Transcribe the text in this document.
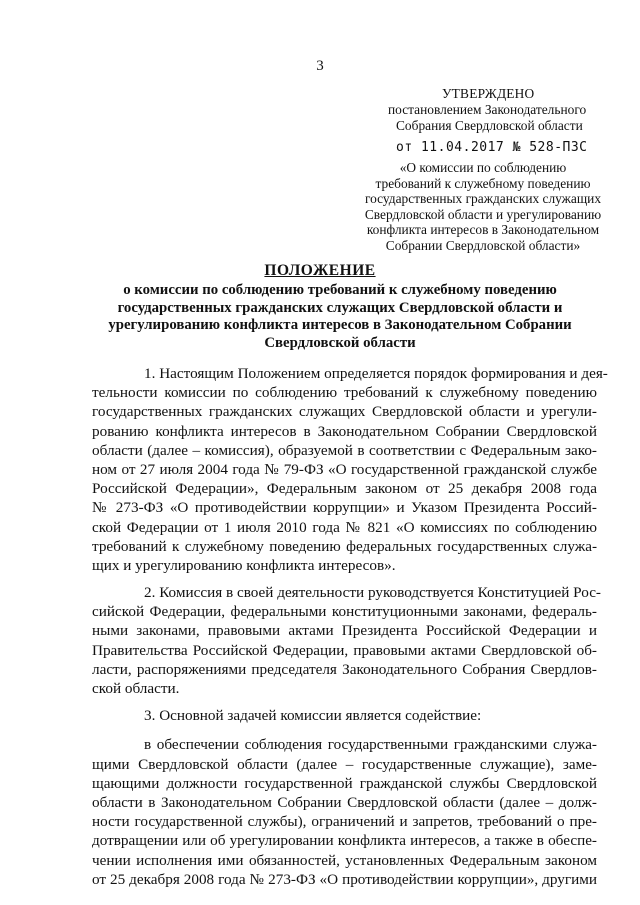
3
УТВЕРЖДЕНО
постановлением Законодательного
Собрания Свердловской области
от 11.04.2017 № 528-ПЗС
«О комиссии по соблюдению
требований к служебному поведению
государственных гражданских служащих
Свердловской области и урегулированию
конфликта интересов в Законодательном
Собрании Свердловской области»
ПОЛОЖЕНИЕ
о комиссии по соблюдению требований к служебному поведению
государственных гражданских служащих Свердловской области и
урегулированию конфликта интересов в Законодательном Собрании
Свердловской области
1. Настоящим Положением определяется порядок формирования и дея-
тельности комиссии по соблюдению требований к служебному поведению
государственных гражданских служащих Свердловской области и урегули-
рованию конфликта интересов в Законодательном Собрании Свердловской
области (далее – комиссия), образуемой в соответствии с Федеральным зако-
ном от 27 июля 2004 года № 79-ФЗ «О государственной гражданской службе
Российской Федерации», Федеральным законом от 25 декабря 2008 года
№ 273-ФЗ «О противодействии коррупции» и Указом Президента Россий-
ской Федерации от 1 июля 2010 года № 821 «О комиссиях по соблюдению
требований к служебному поведению федеральных государственных служа-
щих и урегулированию конфликта интересов».
2. Комиссия в своей деятельности руководствуется Конституцией Рос-
сийской Федерации, федеральными конституционными законами, федераль-
ными законами, правовыми актами Президента Российской Федерации и
Правительства Российской Федерации, правовыми актами Свердловской об-
ласти, распоряжениями председателя Законодательного Собрания Свердлов-
ской области.
3. Основной задачей комиссии является содействие:
в обеспечении соблюдения государственными гражданскими служа-
щими Свердловской области (далее – государственные служащие), заме-
щающими должности государственной гражданской службы Свердловской
области в Законодательном Собрании Свердловской области (далее – долж-
ности государственной службы), ограничений и запретов, требований о пре-
дотвращении или об урегулировании конфликта интересов, а также в обеспе-
чении исполнения ими обязанностей, установленных Федеральным законом
от 25 декабря 2008 года № 273-ФЗ «О противодействии коррупции», другими
